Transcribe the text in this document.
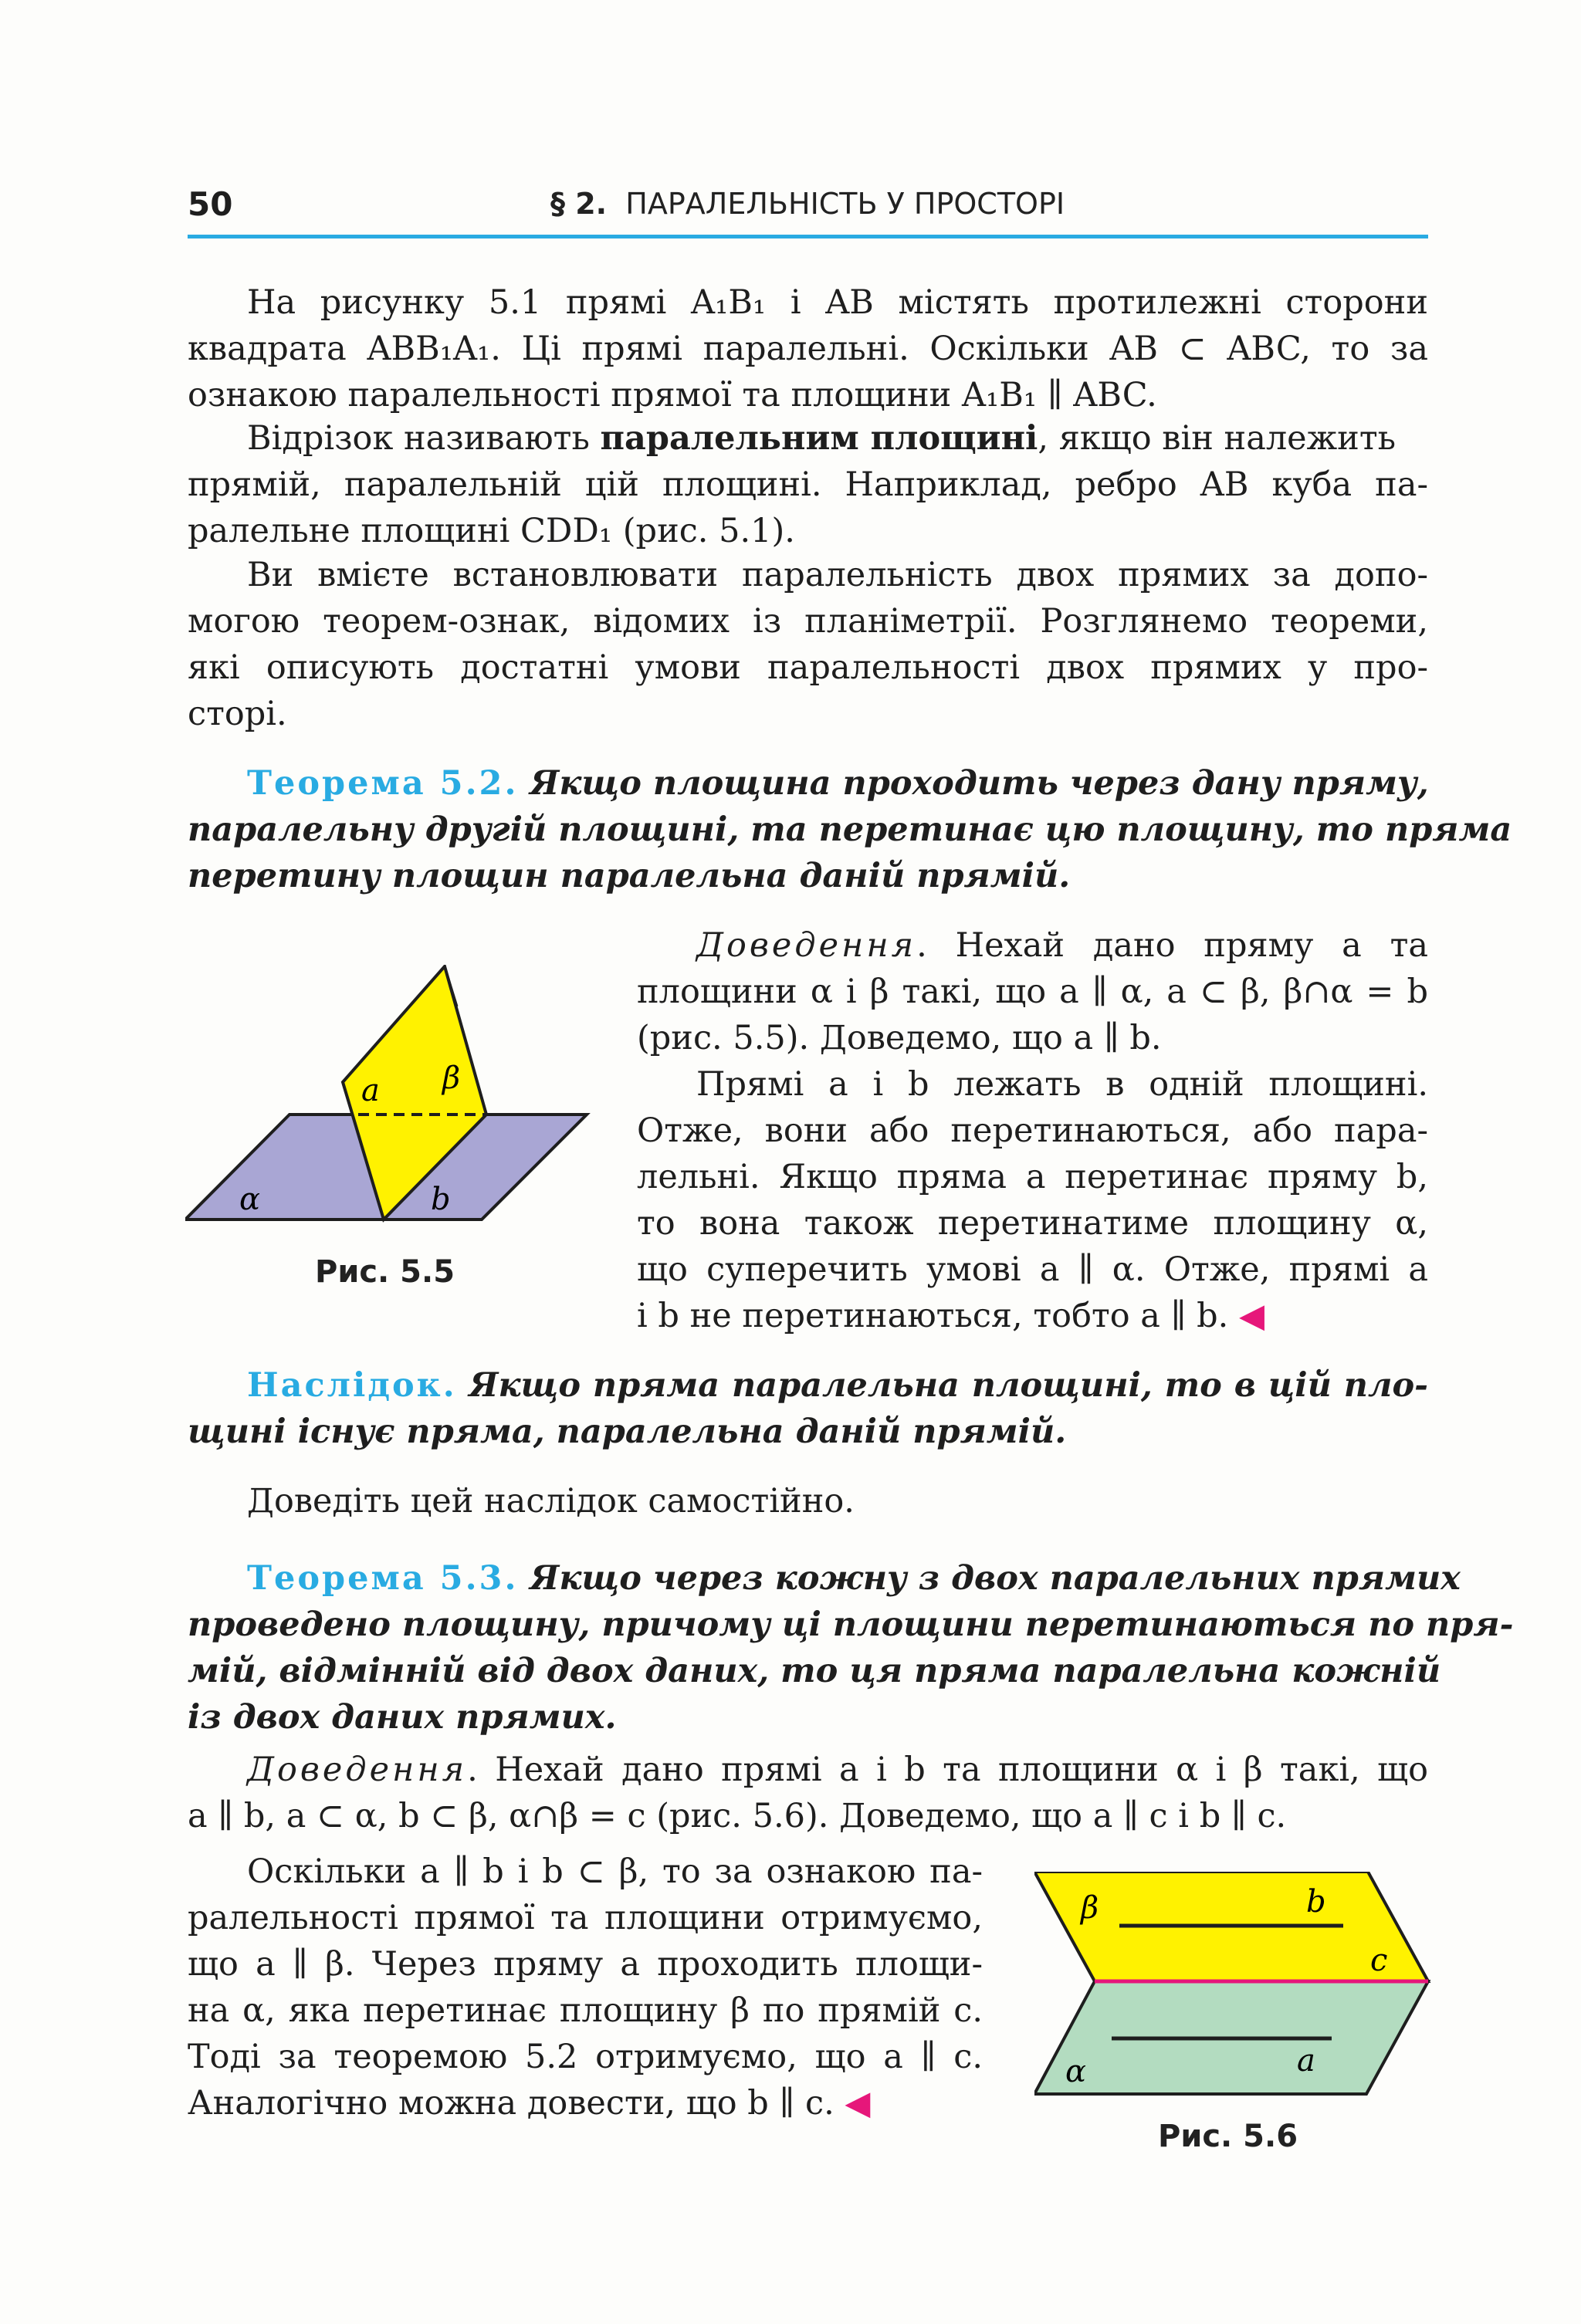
50	§ 2. ПАРАЛЕЛЬНІСТЬ У ПРОСТОРІ
На рисунку 5.1 прямі A₁B₁ і AB містять протилежні сторони
квадрата ABB₁A₁. Ці прямі паралельні. Оскільки AB ⊂ ABC, то за
ознакою паралельності прямої та площини A₁B₁ ∥ ABC.
Відрізок називають паралельним площині, якщо він належить
прямій, паралельній цій площині. Наприклад, ребро AB куба па-
ралельне площині CDD₁ (рис. 5.1).
Ви вмієте встановлювати паралельність двох прямих за допо-
могою теорем-ознак, відомих із планіметрії. Розглянемо теореми,
які описують достатні умови паралельності двох прямих у про-
сторі.
Теорема 5.2. Якщо площина проходить через дану пряму,
паралельну другій площині, та перетинає цю площину, то пряма
перетину площин паралельна даній прямій.
α
a β
b
Рис. 5.5
Доведення. Нехай дано пряму a та
площини α і β такі, що a ∥ α, a ⊂ β, β∩α = b
(рис. 5.5). Доведемо, що a ∥ b.
Прямі a і b лежать в одній площині.
Отже, вони або перетинаються, або пара-
лельні. Якщо пряма a перетинає пряму b,
то вона також перетинатиме площину α,
що суперечить умові a ∥ α. Отже, прямі a
і b не перетинаються, тобто a ∥ b. ◀
Наслідок. Якщо пряма паралельна площині, то в цій пло-
щині існує пряма, паралельна даній прямій.
Доведіть цей наслідок самостійно.
Теорема 5.3. Якщо через кожну з двох паралельних прямих
проведено площину, причому ці площини перетинаються по пря-
мій, відмінній від двох даних, то ця пряма паралельна кожній
із двох даних прямих.
Доведення. Нехай дано прямі a і b та площини α і β такі, що
a ∥ b, a ⊂ α, b ⊂ β, α∩β = c (рис. 5.6). Доведемо, що a ∥ c і b ∥ c.
Оскільки a ∥ b і b ⊂ β, то за ознакою па-
ралельності прямої та площини отримуємо,
що a ∥ β. Через пряму a проходить площи-
на α, яка перетинає площину β по прямій c.
Тоді за теоремою 5.2 отримуємо, що a ∥ c.
Аналогічно можна довести, що b ∥ c. ◀
β	b
c
α	a
Рис. 5.6
